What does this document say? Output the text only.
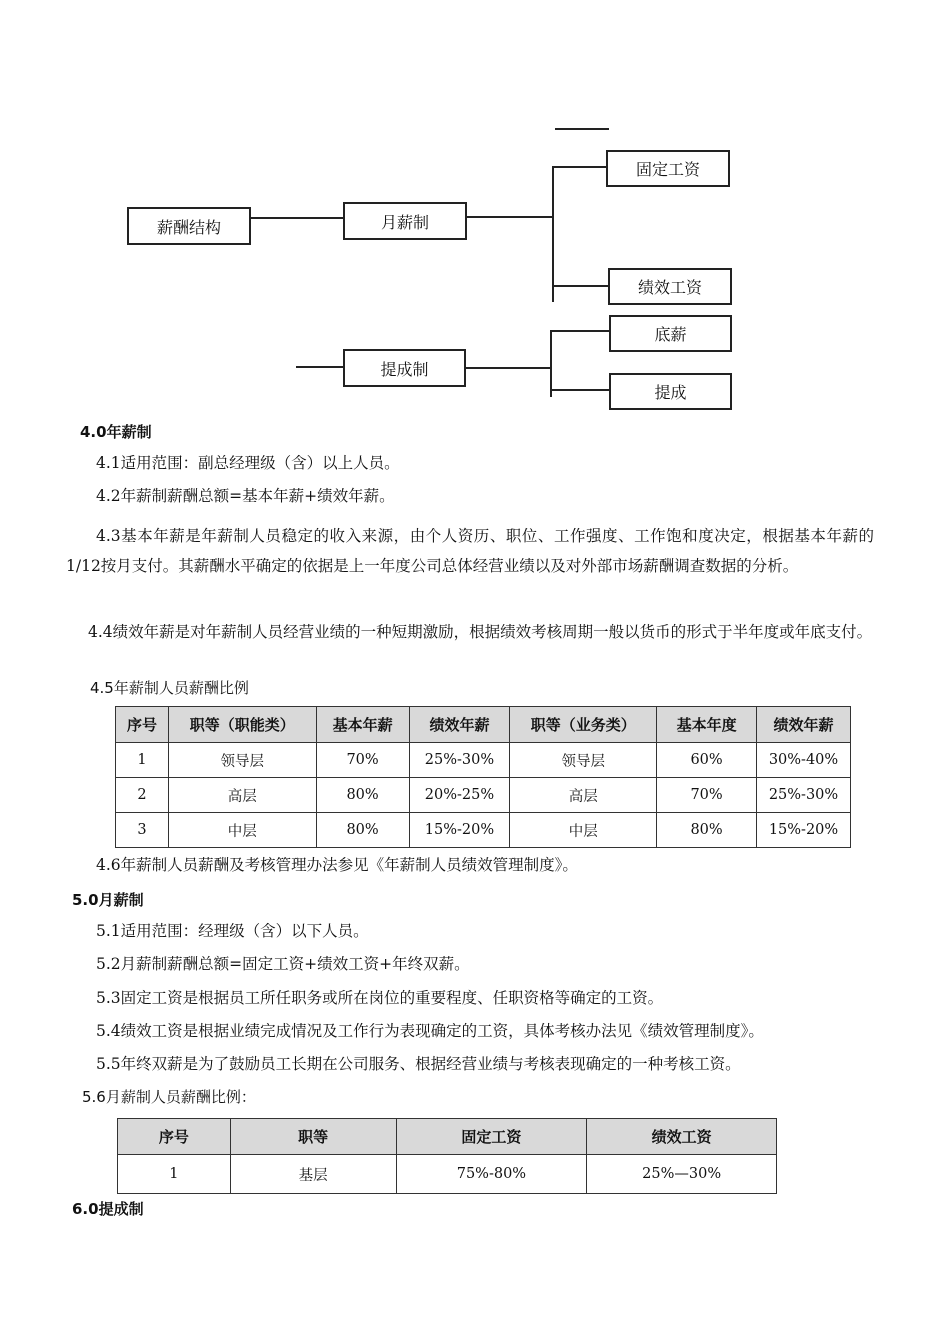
薪酬结构	月薪制
固定工资
绩效工资
提成制
底薪
提成
4.0年薪制
4.1适用范围：副总经理级（含）以上人员。
4.2年薪制薪酬总额=基本年薪+绩效年薪。
4.3基本年薪是年薪制人员稳定的收入来源，由个人资历、职位、工作强度、工作饱和度决定，根据基本年薪的1/12按月支付。其薪酬水平确定的依据是上一年度公司总体经营业绩以及对外部市场薪酬调查数据的分析。
4.4绩效年薪是对年薪制人员经营业绩的一种短期激励，根据绩效考核周期一般以货币的形式于半年度或年底支付。
4.5年薪制人员薪酬比例
序号	职等（职能类）	基本年薪	绩效年薪	职等（业务类）	基本年度	绩效年薪
1	领导层	70%	25%-30%	领导层	60%	30%-40%
2	高层	80%	20%-25%	高层	70%	25%-30%
3	中层	80%	15%-20%	中层	80%	15%-20%
4.6年薪制人员薪酬及考核管理办法参见《年薪制人员绩效管理制度》。
5.0月薪制
5.1适用范围：经理级（含）以下人员。
5.2月薪制薪酬总额=固定工资+绩效工资+年终双薪。
5.3固定工资是根据员工所任职务或所在岗位的重要程度、任职资格等确定的工资。
5.4绩效工资是根据业绩完成情况及工作行为表现确定的工资，具体考核办法见《绩效管理制度》。
5.5年终双薪是为了鼓励员工长期在公司服务、根据经营业绩与考核表现确定的一种考核工资。
5.6月薪制人员薪酬比例：
序号	职等	固定工资	绩效工资
1	基层	75%-80%	25%—30%
6.0提成制
